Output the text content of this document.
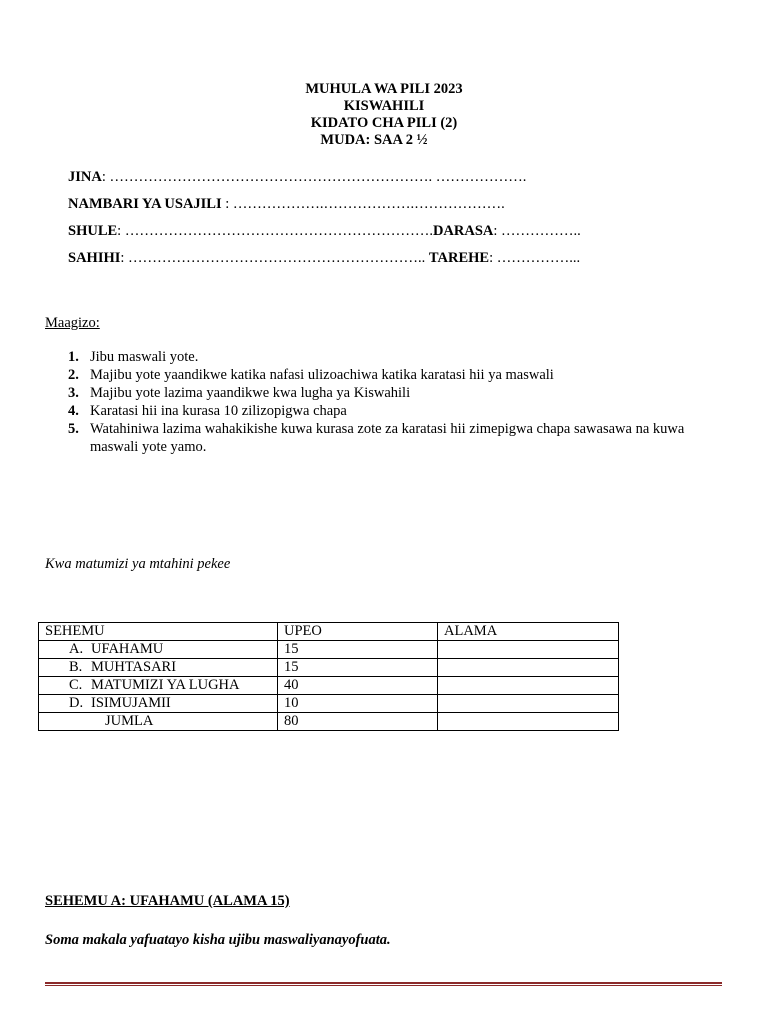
MUHULA WA PILI 2023
KISWAHILI
KIDATO CHA PILI (2)
MUDA: SAA 2 ½
JINA: …………………………………………………………. ……………….
NAMBARI YA USAJILI : ……………….……………….……………….
SHULE: ……………………………………………………….DARASA: ……………..
SAHIHI: …………………………………………………….. TAREHE: ……………...
Maagizo:
1. Jibu maswali yote.
2. Majibu yote yaandikwe katika nafasi ulizoachiwa katika karatasi hii ya maswali
3. Majibu yote lazima yaandikwe kwa lugha ya Kiswahili
4. Karatasi hii ina kurasa 10 zilizopigwa chapa
5. Watahiniwa lazima wahakikishe kuwa kurasa zote za karatasi hii zimepigwa chapa sawasawa na kuwa maswali yote yamo.
Kwa matumizi ya mtahini pekee
SEHEMU	UPEO	ALAMA
A. UFAHAMU	15	
B. MUHTASARI	15	
C. MATUMIZI YA LUGHA	40	
D. ISIMUJAMII	10	
JUMLA	80	
SEHEMU A: UFAHAMU (ALAMA 15)
Soma makala yafuatayo kisha ujibu maswaliyanayofuata.
